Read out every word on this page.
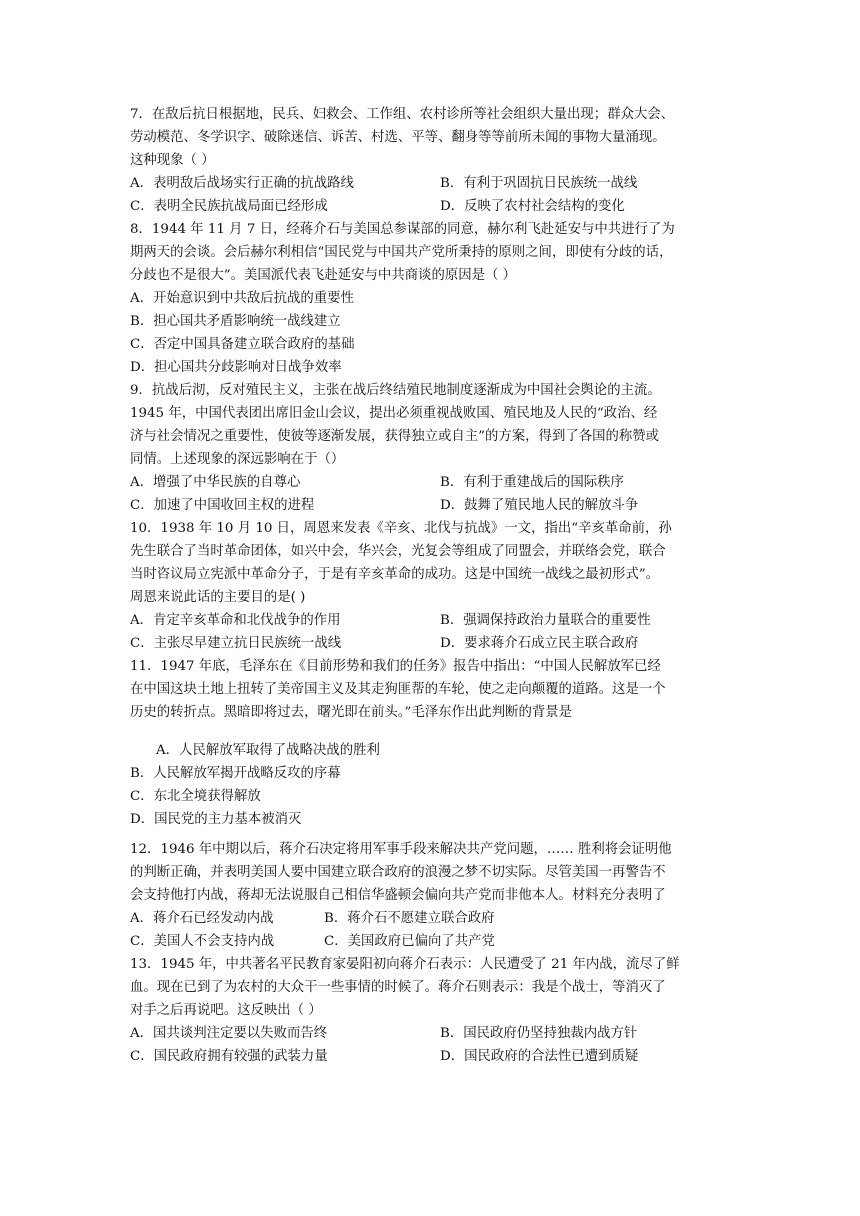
7．在敌后抗日根据地，民兵、妇救会、工作组、农村诊所等社会组织大量出现；群众大会、

劳动模范、冬学识字、破除迷信、诉苦、村选、平等、翻身等等前所未闻的事物大量涌现。

这种现象（ ）

A．表明敌后战场实行正确的抗战路线	B．有利于巩固抗日民族统一战线
C．表明全民族抗战局面已经形成	D．反映了农村社会结构的变化

8．1944 年 11 月 7 日，经蒋介石与美国总参谋部的同意，赫尔利飞赴延安与中共进行了为

期两天的会谈。会后赫尔利相信“国民党与中国共产党所秉持的原则之间，即使有分歧的话，

分歧也不是很大”。美国派代表飞赴延安与中共商谈的原因是（ ）

A．开始意识到中共敌后抗战的重要性

B．担心国共矛盾影响统一战线建立

C．否定中国具备建立联合政府的基础

D．担心国共分歧影响对日战争效率

9．抗战后沏，反对殖民主义，主张在战后终结殖民地制度逐渐成为中国社会舆论的主流。

1945 年，中国代表团出席旧金山会议，提出必须重视战败国、殖民地及人民的“政治、经

济与社会情况之重要性，使彼等逐渐发展，获得独立或自主”的方案，得到了各国的称赞或

同情。上述现象的深远影响在于（）

A．增强了中华民族的自尊心	B．有利于重建战后的国际秩序
C．加速了中国收回主权的进程	D．鼓舞了殖民地人民的解放斗争

10．1938 年 10 月 10 日，周恩来发表《辛亥、北伐与抗战》一文，指出“辛亥革命前，孙

先生联合了当时革命团体，如兴中会，华兴会，光复会等组成了同盟会，并联络会党，联合

当时咨议局立宪派中革命分子，于是有辛亥革命的成功。这是中国统一战线之最初形式”。

周恩来说此话的主要目的是( )

A．肯定辛亥革命和北伐战争的作用	B．强调保持政治力量联合的重要性
C．主张尽早建立抗日民族统一战线	D．要求蒋介石成立民主联合政府

11．1947 年底，毛泽东在《目前形势和我们的任务》报告中指出：“中国人民解放军已经

在中国这块土地上扭转了美帝国主义及其走狗匪帮的车轮，使之走向颠覆的道路。这是一个

历史的转折点。黑暗即将过去，曙光即在前头。”毛泽东作出此判断的背景是

A．人民解放军取得了战略决战的胜利

B．人民解放军揭开战略反攻的序幕

C．东北全境获得解放

D．国民党的主力基本被消灭

12．1946 年中期以后，蒋介石决定将用军事手段来解决共产党问题，…… 胜利将会证明他

的判断正确，并表明美国人要中国建立联合政府的浪漫之梦不切实际。尽管美国一再警告不

会支持他打内战，蒋却无法说服自己相信华盛顿会偏向共产党而非他本人。材料充分表明了

A．蒋介石已经发动内战	B．蒋介石不愿建立联合政府
C．美国人不会支持内战	C．美国政府已偏向了共产党

13．1945 年，中共著名平民教育家晏阳初向蒋介石表示：人民遭受了 21 年内战，流尽了鲜

血。现在已到了为农村的大众干一些事情的时候了。蒋介石则表示：我是个战士，等消灭了

对手之后再说吧。这反映出（ ）

A．国共谈判注定要以失败而告终	B．国民政府仍坚持独裁内战方针
C．国民政府拥有较强的武装力量	D．国民政府的合法性已遭到质疑
